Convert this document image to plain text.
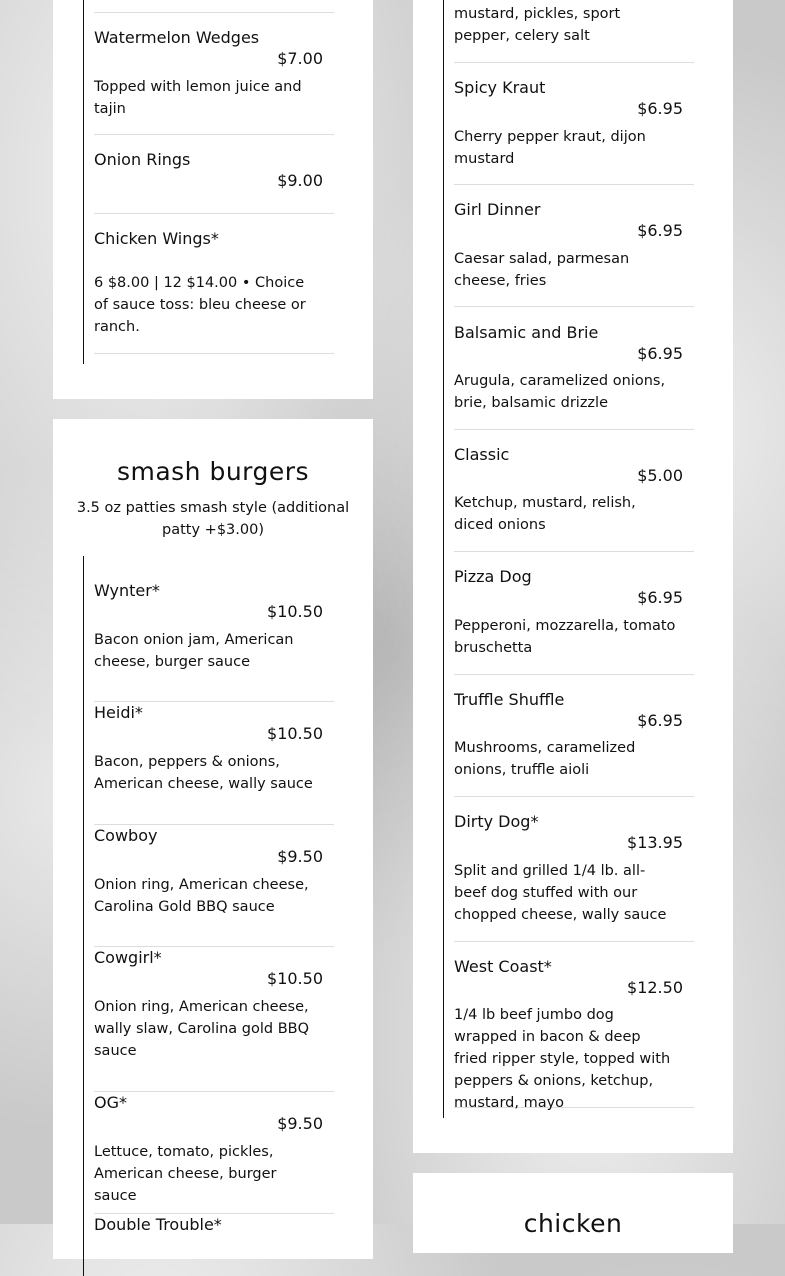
Watermelon Wedges
$7.00
Topped with lemon juice and tajin
Onion Rings
$9.00
Chicken Wings*
6 $8.00 | 12 $14.00 • Choice of sauce toss: bleu cheese or ranch.
smash burgers
3.5 oz patties smash style (additional patty +$3.00)
Wynter*
$10.50
Bacon onion jam, American cheese, burger sauce
Heidi*
$10.50
Bacon, peppers & onions, American cheese, wally sauce
Cowboy
$9.50
Onion ring, American cheese, Carolina Gold BBQ sauce
Cowgirl*
$10.50
Onion ring, American cheese, wally slaw, Carolina gold BBQ sauce
OG*
$9.50
Lettuce, tomato, pickles, American cheese, burger sauce
Double Trouble*
mustard, pickles, sport pepper, celery salt
Spicy Kraut
$6.95
Cherry pepper kraut, dijon mustard
Girl Dinner
$6.95
Caesar salad, parmesan cheese, fries
Balsamic and Brie
$6.95
Arugula, caramelized onions, brie, balsamic drizzle
Classic
$5.00
Ketchup, mustard, relish, diced onions
Pizza Dog
$6.95
Pepperoni, mozzarella, tomato bruschetta
Truffle Shuffle
$6.95
Mushrooms, caramelized onions, truffle aioli
Dirty Dog*
$13.95
Split and grilled 1/4 lb. all-beef dog stuffed with our chopped cheese, wally sauce
West Coast*
$12.50
1/4 lb beef jumbo dog wrapped in bacon & deep fried ripper style, topped with peppers & onions, ketchup, mustard, mayo
chicken
